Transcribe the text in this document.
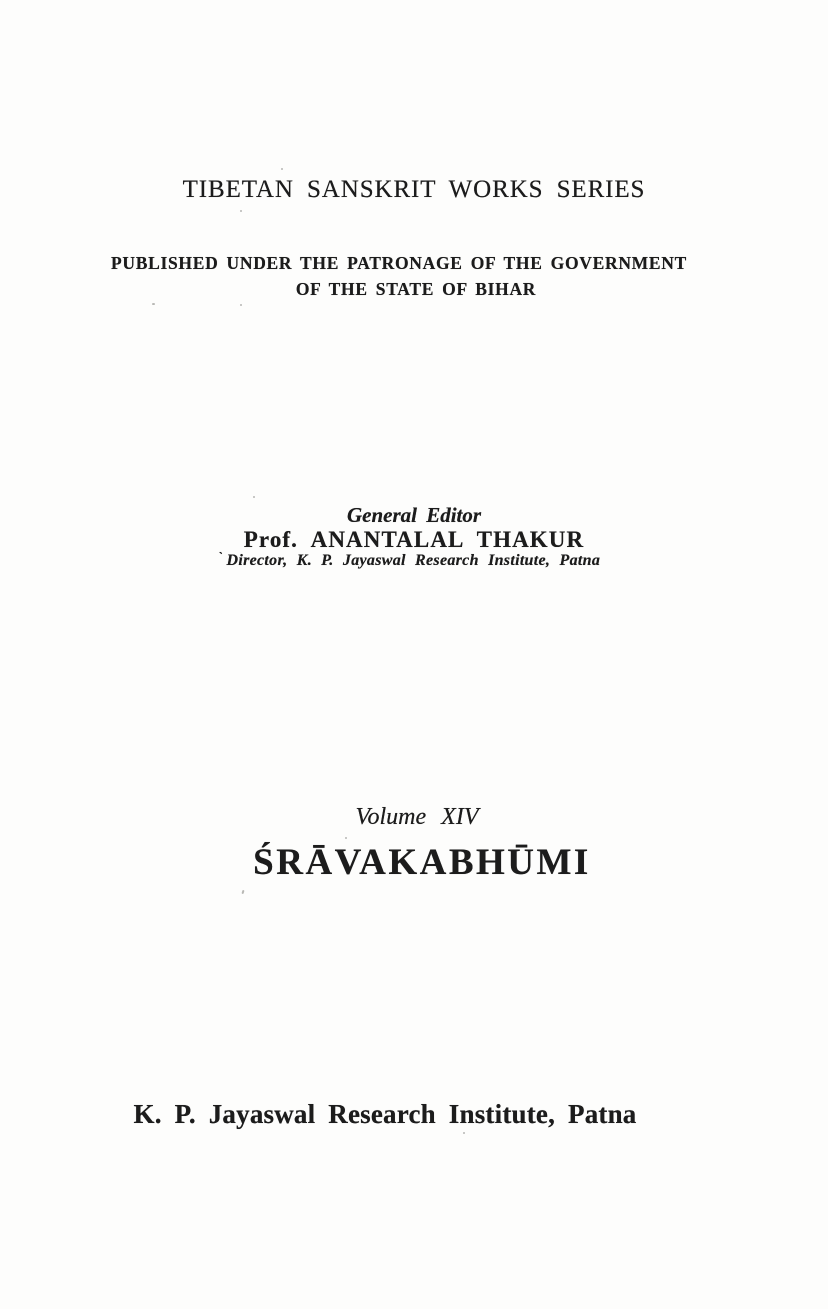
TIBETAN SANSKRIT WORKS SERIES
PUBLISHED UNDER THE PATRONAGE OF THE GOVERNMENT
OF THE STATE OF BIHAR
General Editor
Prof. ANANTALAL THAKUR
` Director, K. P. Jayaswal Research Institute, Patna
Volume XIV
ŚRĀVAKABHŪMI
K. P. Jayaswal Research Institute, Patna
